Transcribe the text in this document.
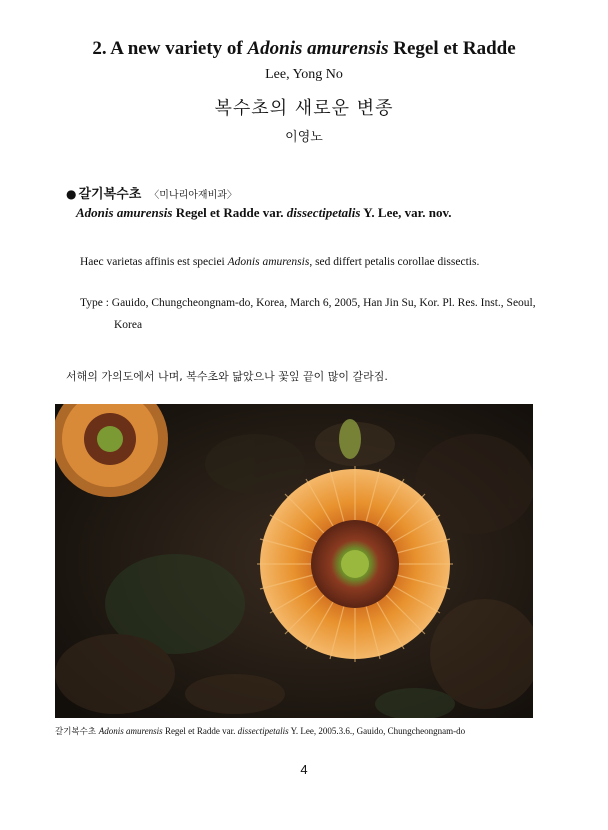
2. A new variety of Adonis amurensis Regel et Radde
Lee, Yong No
복수초의 새로운 변종
이영노
● 갈기복수초 〈미나리아재비과〉
Adonis amurensis Regel et Radde var. dissectipetalis Y. Lee, var. nov.
Haec varietas affinis est speciei Adonis amurensis, sed differt petalis corollae dissectis.
Type : Gauido, Chungcheongnam-do, Korea, March 6, 2005, Han Jin Su, Kor. Pl. Res. Inst., Seoul,
Korea
서해의 가의도에서 나며, 복수초와 닮았으나 꽃잎 끝이 많이 갈라짐.
갈기복수초 Adonis amurensis Regel et Radde var. dissectipetalis Y. Lee, 2005.3.6., Gauido, Chungcheongnam-do
4
